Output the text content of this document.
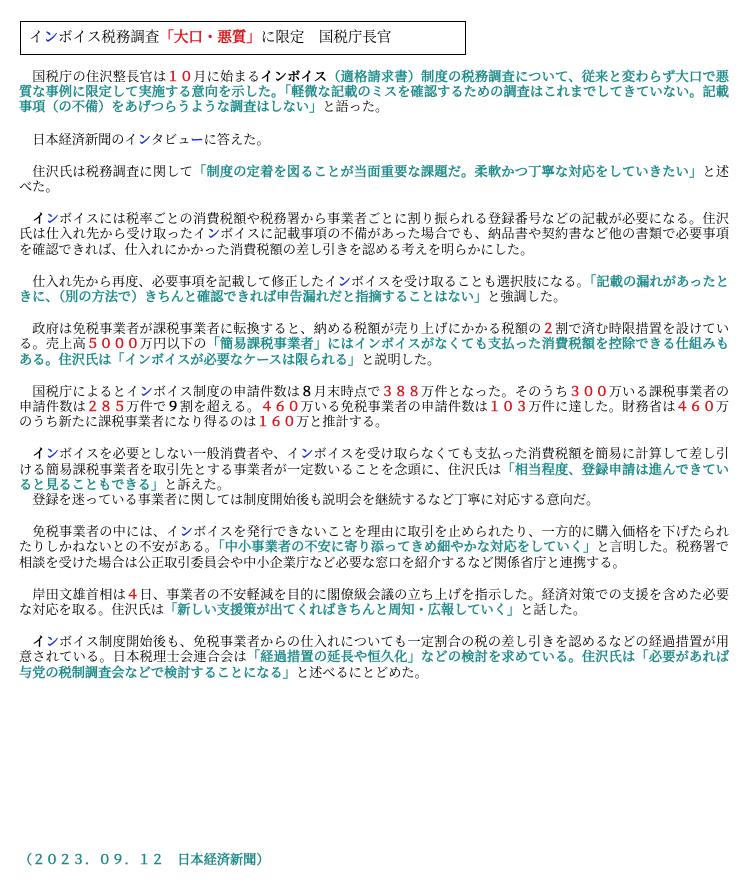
インボイス税務調査「大口・悪質」に限定　国税庁長官

国税庁の住沢整長官は１０月に始まるインボイス（適格請求書）制度の税務調査について、従来と変わらず大口で悪質な事例に限定して実施する意向を示した。「軽微な記載のミスを確認するための調査はこれまでしてきていない。記載事項（の不備）をあげつらうような調査はしない」と語った。

日本経済新聞のインタビューに答えた。

住沢氏は税務調査に関して「制度の定着を図ることが当面重要な課題だ。柔軟かつ丁寧な対応をしていきたい」と述べた。

インボイスには税率ごとの消費税額や税務署から事業者ごとに割り振られる登録番号などの記載が必要になる。住沢氏は仕入れ先から受け取ったインボイスに記載事項の不備があった場合でも、納品書や契約書など他の書類で必要事項を確認できれば、仕入れにかかった消費税額の差し引きを認める考えを明らかにした。

仕入れ先から再度、必要事項を記載して修正したインボイスを受け取ることも選択肢になる。「記載の漏れがあったときに、（別の方法で）きちんと確認できれば申告漏れだと指摘することはない」と強調した。

政府は免税事業者が課税事業者に転換すると、納める税額が売り上げにかかる税額の２割で済む時限措置を設けている。売上高５０００万円以下の「簡易課税事業者」にはインボイスがなくても支払った消費税額を控除できる仕組みもある。住沢氏は「インボイスが必要なケースは限られる」と説明した。

国税庁によるとインボイス制度の申請件数は８月末時点で３８８万件となった。そのうち３００万いる課税事業者の申請件数は２８５万件で９割を超える。４６０万いる免税事業者の申請件数は１０３万件に達した。財務省は４６０万のうち新たに課税事業者になり得るのは１６０万と推計する。

インボイスを必要としない一般消費者や、インボイスを受け取らなくても支払った消費税額を簡易に計算して差し引ける簡易課税事業者を取引先とする事業者が一定数いることを念頭に、住沢氏は「相当程度、登録申請は進んできていると見ることもできる」と訴えた。

登録を迷っている事業者に関しては制度開始後も説明会を継続するなど丁寧に対応する意向だ。

免税事業者の中には、インボイスを発行できないことを理由に取引を止められたり、一方的に購入価格を下げたられたりしかねないとの不安がある。「中小事業者の不安に寄り添ってきめ細やかな対応をしていく」と言明した。税務署で相談を受けた場合は公正取引委員会や中小企業庁など必要な窓口を紹介するなど関係省庁と連携する。

岸田文雄首相は４日、事業者の不安軽減を目的に閣僚級会議の立ち上げを指示した。経済対策での支援を含めた必要な対応を取る。住沢氏は「新しい支援策が出てくればきちんと周知・広報していく」と話した。

インボイス制度開始後も、免税事業者からの仕入れについても一定割合の税の差し引きを認めるなどの経過措置が用意されている。日本税理士会連合会は「経過措置の延長や恒久化」などの検討を求めている。住沢氏は「必要があれば与党の税制調査会などで検討することになる」と述べるにとどめた。

（２０２３．０９．１２　日本経済新聞）
